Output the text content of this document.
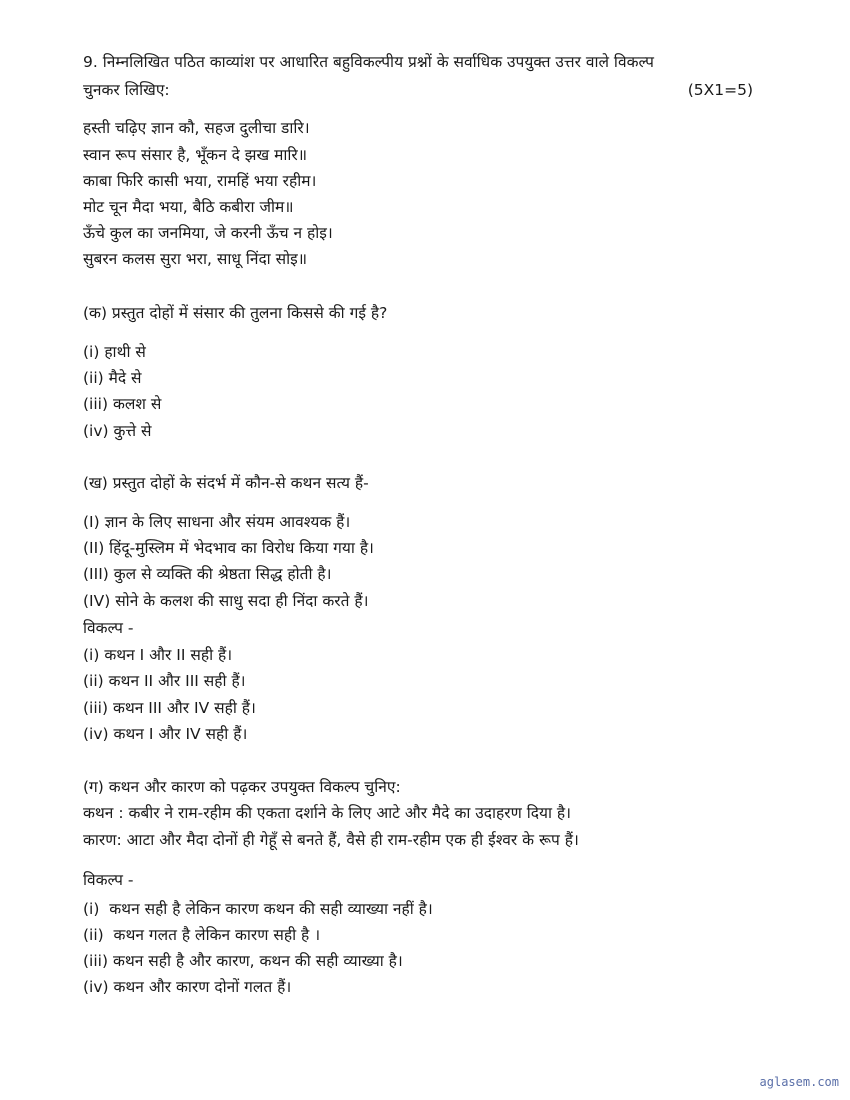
9. निम्नलिखित पठित काव्यांश पर आधारित बहुविकल्पीय प्रश्नों के सर्वाधिक उपयुक्त उत्तर वाले विकल्प
चुनकर लिखिए:	(5X1=5)
हस्ती चढ़िए ज्ञान कौ, सहज दुलीचा डारि।
स्वान रूप संसार है, भूँकन दे झख मारि॥
काबा फिरि कासी भया, रामहिं भया रहीम।
मोट चून मैदा भया, बैठि कबीरा जीम॥
ऊँचे कुल का जनमिया, जे करनी ऊँच न होइ।
सुबरन कलस सुरा भरा, साधू निंदा सोइ॥
(क) प्रस्तुत दोहों में संसार की तुलना किससे की गई है?
(i) हाथी से
(ii) मैदे से
(iii) कलश से
(iv) कुत्ते से
(ख) प्रस्तुत दोहों के संदर्भ में कौन-से कथन सत्य हैं-
(I) ज्ञान के लिए साधना और संयम आवश्यक हैं।
(II) हिंदू-मुस्लिम में भेदभाव का विरोध किया गया है।
(III) कुल से व्यक्ति की श्रेष्ठता सिद्ध होती है।
(IV) सोने के कलश की साधु सदा ही निंदा करते हैं।
विकल्प -
(i) कथन I और II सही हैं।
(ii) कथन II और III सही हैं।
(iii) कथन III और IV सही हैं।
(iv) कथन I और IV सही हैं।
(ग) कथन और कारण को पढ़कर उपयुक्त विकल्प चुनिए:
कथन : कबीर ने राम-रहीम की एकता दर्शाने के लिए आटे और मैदे का उदाहरण दिया है।
कारण: आटा और मैदा दोनों ही गेहूँ से बनते हैं, वैसे ही राम-रहीम एक ही ईश्वर के रूप हैं।
विकल्प -
(i)  कथन सही है लेकिन कारण कथन की सही व्याख्या नहीं है।
(ii)  कथन गलत है लेकिन कारण सही है ।
(iii) कथन सही है और कारण, कथन की सही व्याख्या है।
(iv) कथन और कारण दोनों गलत हैं।
aglasem.com
